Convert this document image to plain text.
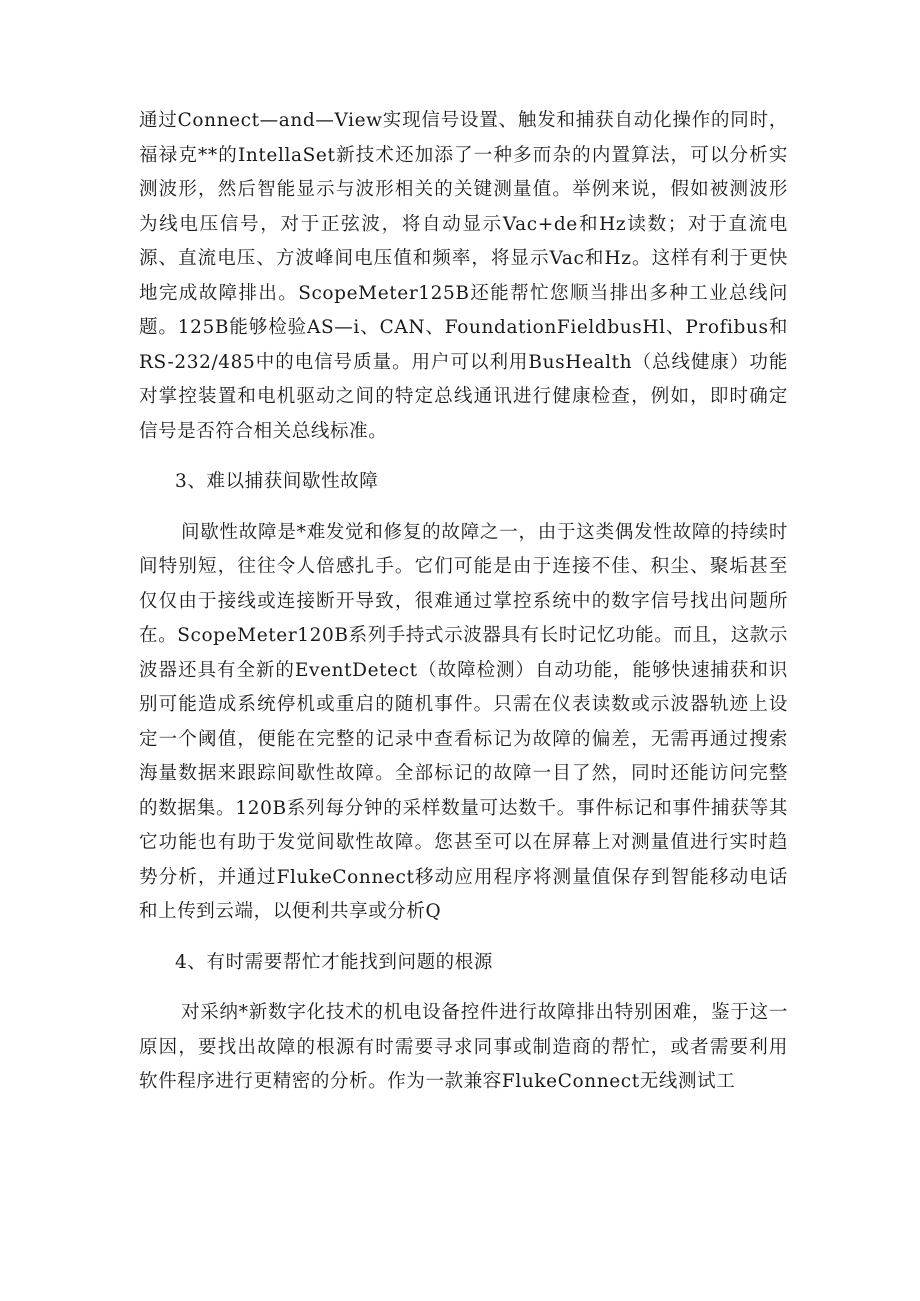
通过Connect—and—View实现信号设置、触发和捕获自动化操作的同时，福禄克**的IntellaSet新技术还加添了一种多而杂的内置算法，可以分析实测波形，然后智能显示与波形相关的关键测量值。举例来说，假如被测波形为线电压信号，对于正弦波，将自动显示Vac+de和Hz读数；对于直流电源、直流电压、方波峰间电压值和频率，将显示Vac和Hz。这样有利于更快地完成故障排出。ScopeMeter125B还能帮忙您顺当排出多种工业总线问题。125B能够检验AS—i、CAN、FoundationFieldbusHl、Profibus和RS-232/485中的电信号质量。用户可以利用BusHealth（总线健康）功能对掌控装置和电机驱动之间的特定总线通讯进行健康检查，例如，即时确定信号是否符合相关总线标准。

3、难以捕获间歇性故障

间歇性故障是*难发觉和修复的故障之一，由于这类偶发性故障的持续时间特别短，往往令人倍感扎手。它们可能是由于连接不佳、积尘、聚垢甚至仅仅由于接线或连接断开导致，很难通过掌控系统中的数字信号找出问题所在。ScopeMeter120B系列手持式示波器具有长时记忆功能。而且，这款示波器还具有全新的EventDetect（故障检测）自动功能，能够快速捕获和识别可能造成系统停机或重启的随机事件。只需在仪表读数或示波器轨迹上设定一个阈值，便能在完整的记录中查看标记为故障的偏差，无需再通过搜索海量数据来跟踪间歇性故障。全部标记的故障一目了然，同时还能访问完整的数据集。120B系列每分钟的采样数量可达数千。事件标记和事件捕获等其它功能也有助于发觉间歇性故障。您甚至可以在屏幕上对测量值进行实时趋势分析，并通过FlukeConnect移动应用程序将测量值保存到智能移动电话和上传到云端，以便利共享或分析Q

4、有时需要帮忙才能找到问题的根源

对采纳*新数字化技术的机电设备控件进行故障排出特别困难，鉴于这一原因，要找出故障的根源有时需要寻求同事或制造商的帮忙，或者需要利用软件程序进行更精密的分析。作为一款兼容FlukeConnect无线测试工
